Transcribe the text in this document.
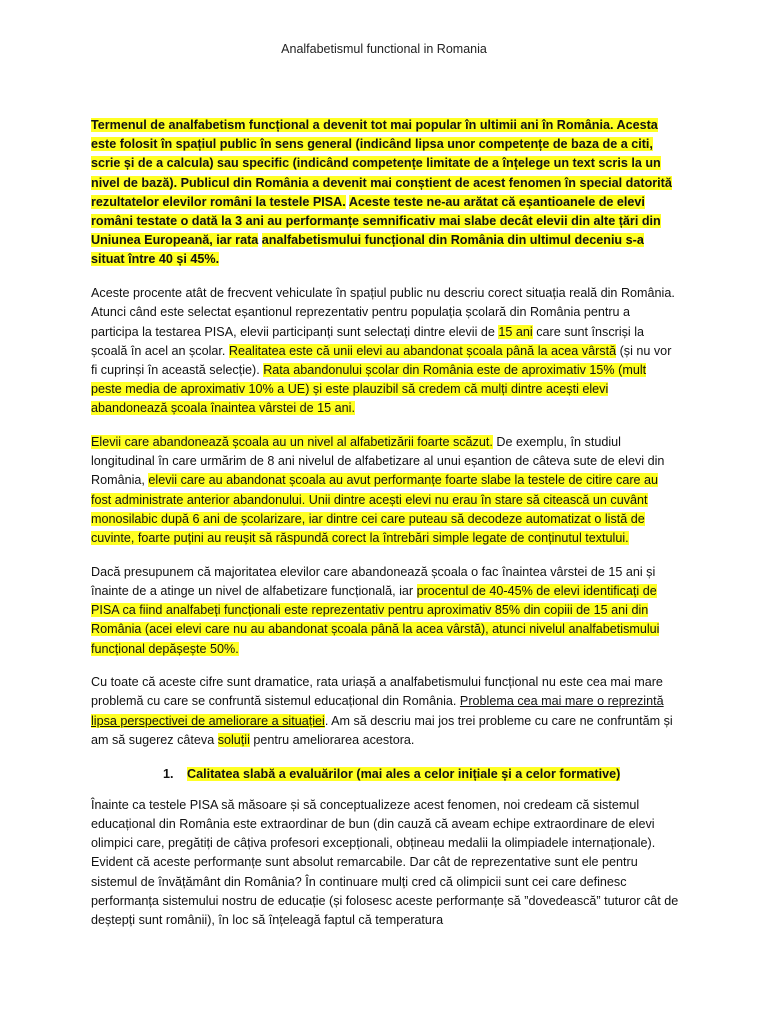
Analfabetismul functional in Romania

Termenul de analfabetism funcțional a devenit tot mai popular în ultimii ani în România. Acesta este folosit în spațiul public în sens general (indicând lipsa unor competențe de baza de a citi, scrie și de a calcula) sau specific (indicând competențe limitate de a înțelege un text scris la un nivel de bază). Publicul din România a devenit mai conștient de acest fenomen în special datorită rezultatelor elevilor români la testele PISA. Aceste teste ne-au arătat că eșantioanele de elevi români testate o dată la 3 ani au performanțe semnificativ mai slabe decât elevii din alte țări din Uniunea Europeană, iar rata analfabetismului funcțional din România din ultimul deceniu s-a situat între 40 și 45%.

Aceste procente atât de frecvent vehiculate în spațiul public nu descriu corect situația reală din România. Atunci când este selectat eșantionul reprezentativ pentru populația școlară din România pentru a participa la testarea PISA, elevii participanți sunt selectați dintre elevii de 15 ani care sunt înscriși la școală în acel an școlar. Realitatea este că unii elevi au abandonat școala până la acea vârstă (și nu vor fi cuprinși în această selecție). Rata abandonului școlar din România este de aproximativ 15% (mult peste media de aproximativ 10% a UE) și este plauzibil să credem că mulți dintre acești elevi abandonează școala înaintea vârstei de 15 ani.

Elevii care abandonează școala au un nivel al alfabetizării foarte scăzut. De exemplu, în studiul longitudinal în care urmărim de 8 ani nivelul de alfabetizare al unui eșantion de câteva sute de elevi din România, elevii care au abandonat școala au avut performanțe foarte slabe la testele de citire care au fost administrate anterior abandonului. Unii dintre acești elevi nu erau în stare să citească un cuvânt monosilabic după 6 ani de școlarizare, iar dintre cei care puteau să decodeze automatizat o listă de cuvinte, foarte puțini au reușit să răspundă corect la întrebări simple legate de conținutul textului.

Dacă presupunem că majoritatea elevilor care abandonează școala o fac înaintea vârstei de 15 ani și înainte de a atinge un nivel de alfabetizare funcțională, iar procentul de 40-45% de elevi identificați de PISA ca fiind analfabeți funcționali este reprezentativ pentru aproximativ 85% din copiii de 15 ani din România (acei elevi care nu au abandonat școala până la acea vârstă), atunci nivelul analfabetismului funcțional depășește 50%.

Cu toate că aceste cifre sunt dramatice, rata uriașă a analfabetismului funcțional nu este cea mai mare problemă cu care se confruntă sistemul educațional din România. Problema cea mai mare o reprezintă lipsa perspectivei de ameliorare a situației. Am să descriu mai jos trei probleme cu care ne confruntăm și am să sugerez câteva soluții pentru ameliorarea acestora.

1. Calitatea slabă a evaluărilor (mai ales a celor inițiale și a celor formative)

Înainte ca testele PISA să măsoare și să conceptualizeze acest fenomen, noi credeam că sistemul educațional din România este extraordinar de bun (din cauză că aveam echipe extraordinare de elevi olimpici care, pregătiți de câțiva profesori excepționali, obțineau medalii la olimpiadele internaționale). Evident că aceste performanțe sunt absolut remarcabile. Dar cât de reprezentative sunt ele pentru sistemul de învățământ din România? În continuare mulți cred că olimpicii sunt cei care definesc performanța sistemului nostru de educație (și folosesc aceste performanțe să ”dovedească” tuturor cât de deștepți sunt românii), în loc să înțeleagă faptul că temperatura
